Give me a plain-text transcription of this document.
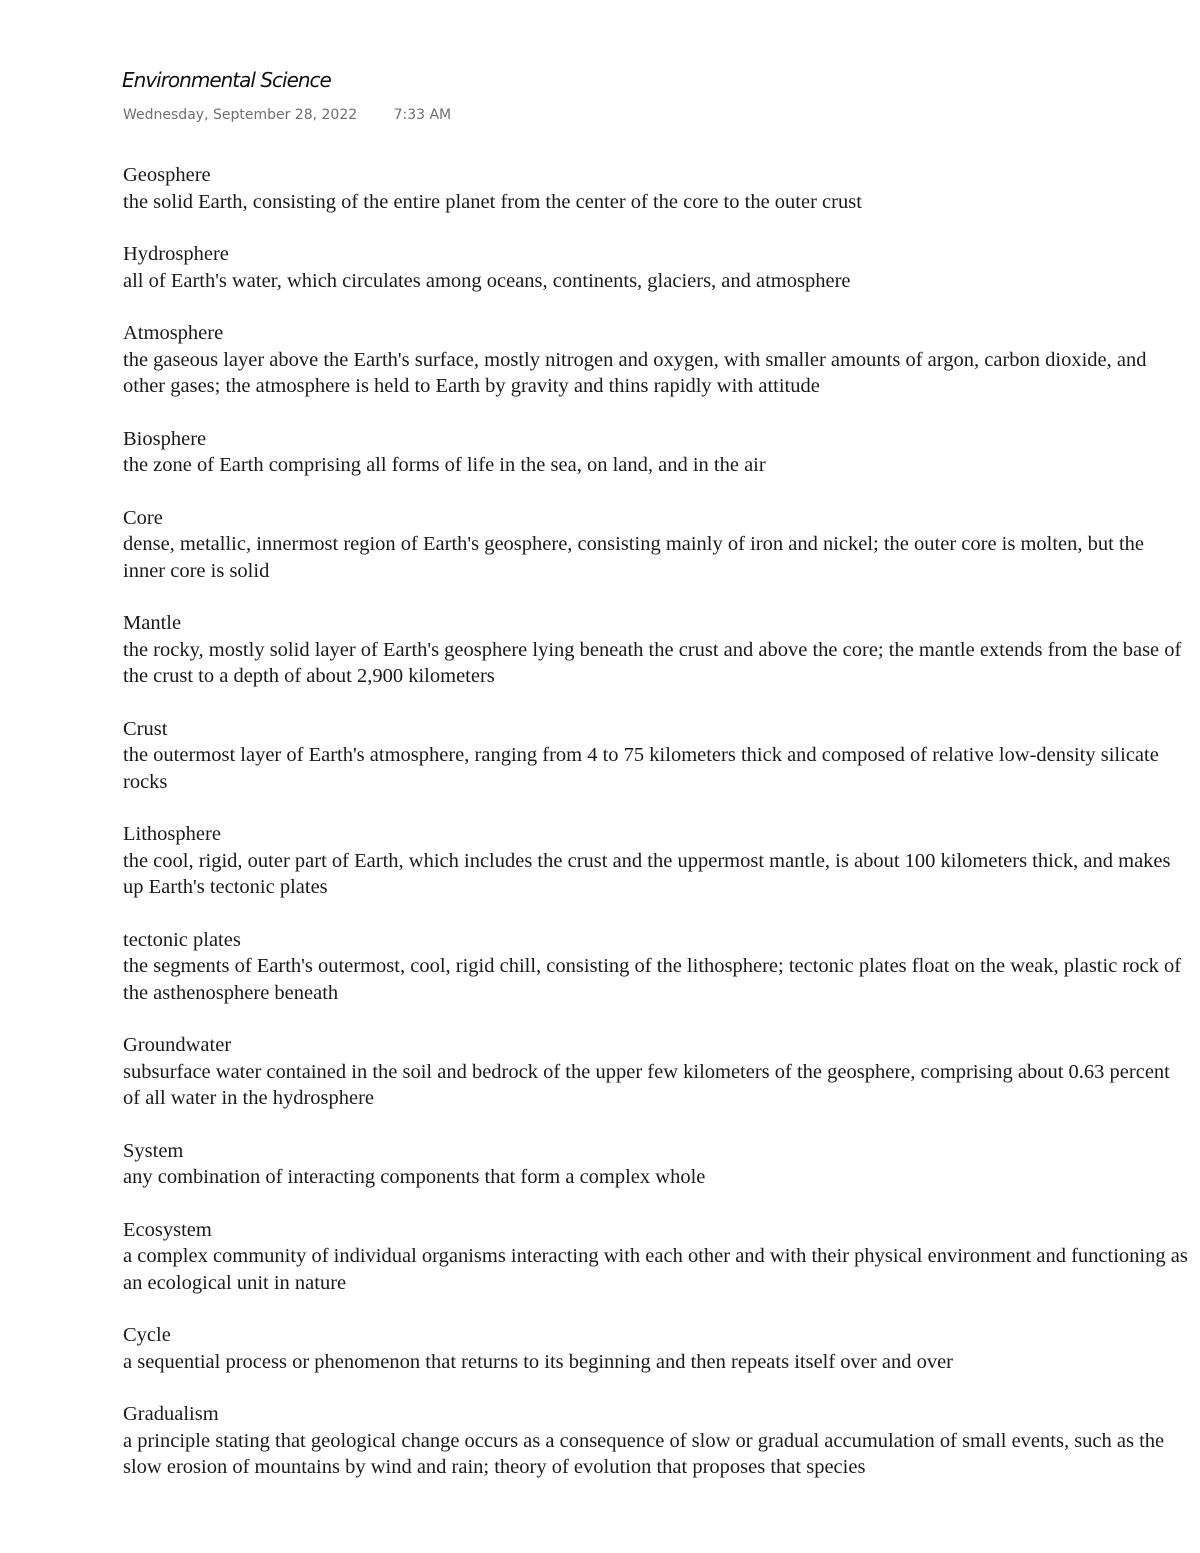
Environmental Science
Wednesday, September 28, 2022	7:33 AM
Geosphere
the solid Earth, consisting of the entire planet from the center of the core to the outer crust
Hydrosphere
all of Earth's water, which circulates among oceans, continents, glaciers, and atmosphere
Atmosphere
the gaseous layer above the Earth's surface, mostly nitrogen and oxygen, with smaller amounts of argon, carbon dioxide, and other gases; the atmosphere is held to Earth by gravity and thins rapidly with attitude
Biosphere
the zone of Earth comprising all forms of life in the sea, on land, and in the air
Core
dense, metallic, innermost region of Earth's geosphere, consisting mainly of iron and nickel; the outer core is molten, but the inner core is solid
Mantle
the rocky, mostly solid layer of Earth's geosphere lying beneath the crust and above the core; the mantle extends from the base of the crust to a depth of about 2,900 kilometers
Crust
the outermost layer of Earth's atmosphere, ranging from 4 to 75 kilometers thick and composed of relative low-density silicate rocks
Lithosphere
the cool, rigid, outer part of Earth, which includes the crust and the uppermost mantle, is about 100 kilometers thick, and makes up Earth's tectonic plates
tectonic plates
the segments of Earth's outermost, cool, rigid chill, consisting of the lithosphere; tectonic plates float on the weak, plastic rock of the asthenosphere beneath
Groundwater
subsurface water contained in the soil and bedrock of the upper few kilometers of the geosphere, comprising about 0.63 percent of all water in the hydrosphere
System
any combination of interacting components that form a complex whole
Ecosystem
a complex community of individual organisms interacting with each other and with their physical environment and functioning as an ecological unit in nature
Cycle
a sequential process or phenomenon that returns to its beginning and then repeats itself over and over
Gradualism
a principle stating that geological change occurs as a consequence of slow or gradual accumulation of small events, such as the slow erosion of mountains by wind and rain; theory of evolution that proposes that species
